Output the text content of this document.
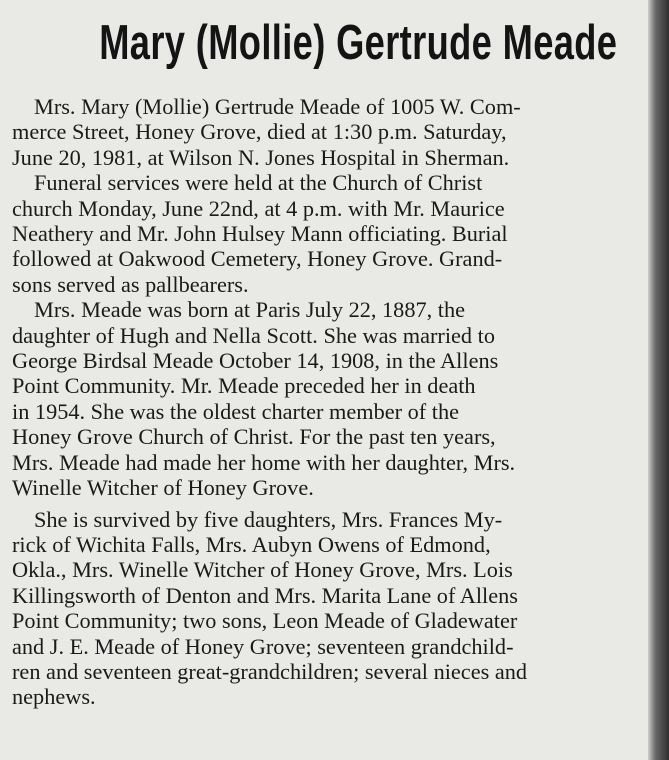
Mary (Mollie) Gertrude Meade
Mrs. Mary (Mollie) Gertrude Meade of 1005 W. Com-
merce Street, Honey Grove, died at 1:30 p.m. Saturday,
June 20, 1981, at Wilson N. Jones Hospital in Sherman.
Funeral services were held at the Church of Christ
church Monday, June 22nd, at 4 p.m. with Mr. Maurice
Neathery and Mr. John Hulsey Mann officiating. Burial
followed at Oakwood Cemetery, Honey Grove. Grand-
sons served as pallbearers.
Mrs. Meade was born at Paris July 22, 1887, the
daughter of Hugh and Nella Scott. She was married to
George Birdsal Meade October 14, 1908, in the Allens
Point Community. Mr. Meade preceded her in death
in 1954. She was the oldest charter member of the
Honey Grove Church of Christ. For the past ten years,
Mrs. Meade had made her home with her daughter, Mrs.
Winelle Witcher of Honey Grove.
She is survived by five daughters, Mrs. Frances My-
rick of Wichita Falls, Mrs. Aubyn Owens of Edmond,
Okla., Mrs. Winelle Witcher of Honey Grove, Mrs. Lois
Killingsworth of Denton and Mrs. Marita Lane of Allens
Point Community; two sons, Leon Meade of Gladewater
and J. E. Meade of Honey Grove; seventeen grandchild-
ren and seventeen great-grandchildren; several nieces and
nephews.
